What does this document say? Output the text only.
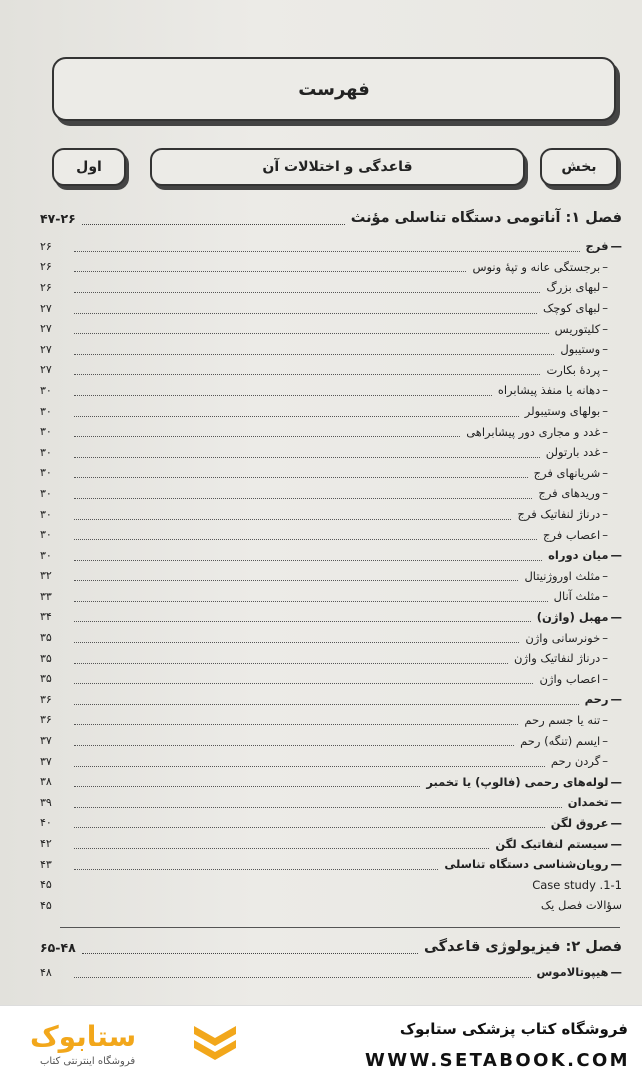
فهرست
بخش
قاعدگی و اختلالات آن
اول
فصل ۱: آناتومی دستگاه تناسلی مؤنث
۴۷-۲۶
— فرج
۲۶
– برجستگی عانه و تپهٔ ونوس
۲۶
– لبهای بزرگ
۲۶
– لبهای کوچک
۲۷
– کلیتوریس
۲۷
– وستیبول
۲۷
– پردهٔ بکارت
۲۷
– دهانه یا منفذ پیشابراه
۳۰
– بولهای وستیبولر
۳۰
– غدد و مجاری دور پیشابراهی
۳۰
– غدد بارتولن
۳۰
– شریانهای فرج
۳۰
– وریدهای فرج
۳۰
– درناژ لنفاتیک فرج
۳۰
– اعصاب فرج
۳۰
— میان دوراه
۳۰
– مثلث اوروژنیتال
۳۲
– مثلث آنال
۳۳
— مهبل (واژن)
۳۴
– خونرسانی واژن
۳۵
– درناژ لنفاتیک واژن
۳۵
– اعصاب واژن
۳۵
— رحم
۳۶
– تنه یا جسم رحم
۳۶
– ایسم (تنگه) رحم
۳۷
– گردن رحم
۳۷
— لوله‌های رحمی (فالوپ) یا تخمبر
۳۸
— تخمدان
۳۹
— عروق لگن
۴۰
— سیستم لنفاتیک لگن
۴۲
— رویان‌شناسی دستگاه تناسلی
۴۳
Case study .1-1
۴۵
سؤالات فصل یک
۴۵
فصل ۲: فیزیولوژی قاعدگی
۶۵-۴۸
— هیپوتالاموس
۴۸
ستابوک
فروشگاه اینترنتی کتاب
فروشگاه کتاب پزشکی ستابوک
WWW.SETABOOK.COM
